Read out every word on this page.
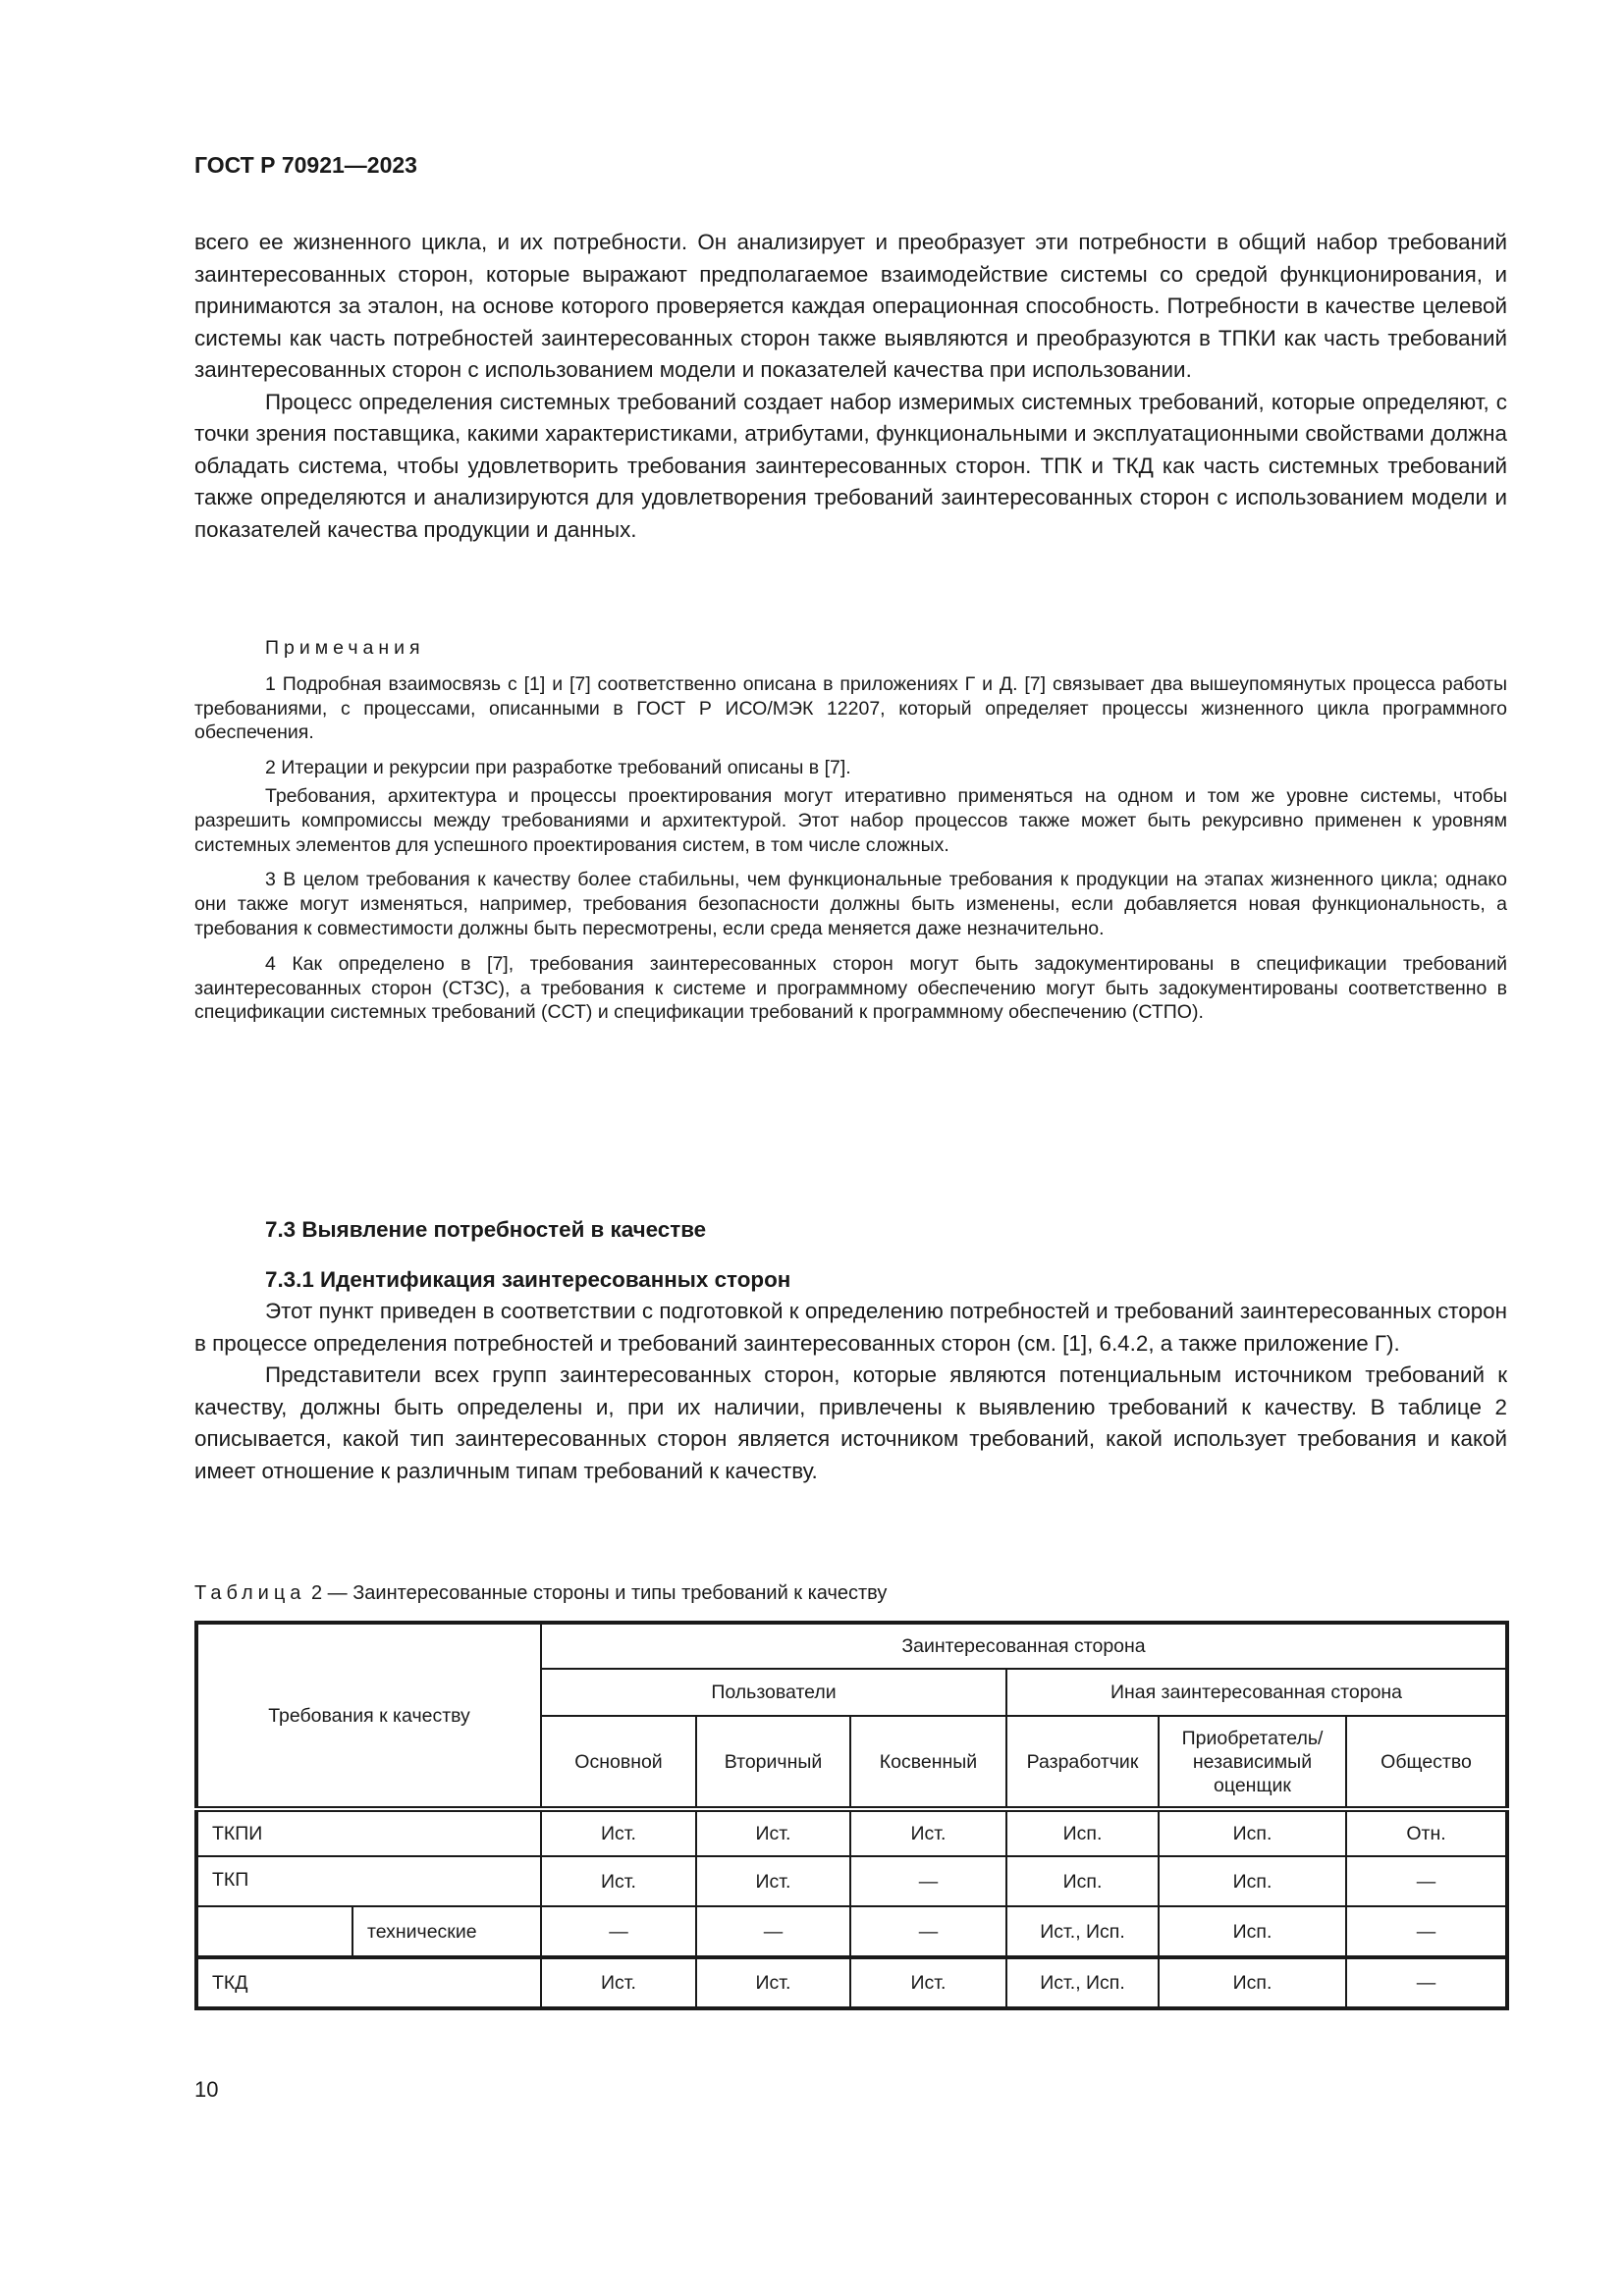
ГОСТ Р 70921—2023

всего ее жизненного цикла, и их потребности. Он анализирует и преобразует эти потребности в общий набор требований заинтересованных сторон, которые выражают предполагаемое взаимодействие системы со средой функционирования, и принимаются за эталон, на основе которого проверяется каждая операционная способность. Потребности в качестве целевой системы как часть потребностей заинтересованных сторон также выявляются и преобразуются в ТПКИ как часть требований заинтересованных сторон с использованием модели и показателей качества при использовании.

Процесс определения системных требований создает набор измеримых системных требований, которые определяют, с точки зрения поставщика, какими характеристиками, атрибутами, функциональными и эксплуатационными свойствами должна обладать система, чтобы удовлетворить требования заинтересованных сторон. ТПК и ТКД как часть системных требований также определяются и анализируются для удовлетворения требований заинтересованных сторон с использованием модели и показателей качества продукции и данных.

Примечания

1 Подробная взаимосвязь с [1] и [7] соответственно описана в приложениях Г и Д. [7] связывает два вышеупомянутых процесса работы требованиями, с процессами, описанными в ГОСТ Р ИСО/МЭК 12207, который определяет процессы жизненного цикла программного обеспечения.

2 Итерации и рекурсии при разработке требований описаны в [7].

Требования, архитектура и процессы проектирования могут итеративно применяться на одном и том же уровне системы, чтобы разрешить компромиссы между требованиями и архитектурой. Этот набор процессов также может быть рекурсивно применен к уровням системных элементов для успешного проектирования систем, в том числе сложных.

3 В целом требования к качеству более стабильны, чем функциональные требования к продукции на этапах жизненного цикла; однако они также могут изменяться, например, требования безопасности должны быть изменены, если добавляется новая функциональность, а требования к совместимости должны быть пересмотрены, если среда меняется даже незначительно.

4 Как определено в [7], требования заинтересованных сторон могут быть задокументированы в спецификации требований заинтересованных сторон (СТЗС), а требования к системе и программному обеспечению могут быть задокументированы соответственно в спецификации системных требований (ССТ) и спецификации требований к программному обеспечению (СТПО).

7.3 Выявление потребностей в качестве

7.3.1 Идентификация заинтересованных сторон

Этот пункт приведен в соответствии с подготовкой к определению потребностей и требований заинтересованных сторон в процессе определения потребностей и требований заинтересованных сторон (см. [1], 6.4.2, а также приложение Г).

Представители всех групп заинтересованных сторон, которые являются потенциальным источником требований к качеству, должны быть определены и, при их наличии, привлечены к выявлению требований к качеству. В таблице 2 описывается, какой тип заинтересованных сторон является источником требований, какой использует требования и какой имеет отношение к различным типам требований к качеству.

Таблица 2 — Заинтересованные стороны и типы требований к качеству
Требования к качеству		Заинтересованная сторона					
		Пользователи			Иная заинтересованная сторона		
		Основной	Вторичный	Косвенный	Разработчик	Приобретатель/ независимый оценщик	Общество
ТКПИ		Ист.	Ист.	Ист.	Исп.	Исп.	Отн.
ТКП		Ист.	Ист.	—	Исп.	Исп.	—
	технические	—	—	—	Ист., Исп.	Исп.	—
ТКД		Ист.	Ист.	Ист.	Ист., Исп.	Исп.	—
10
